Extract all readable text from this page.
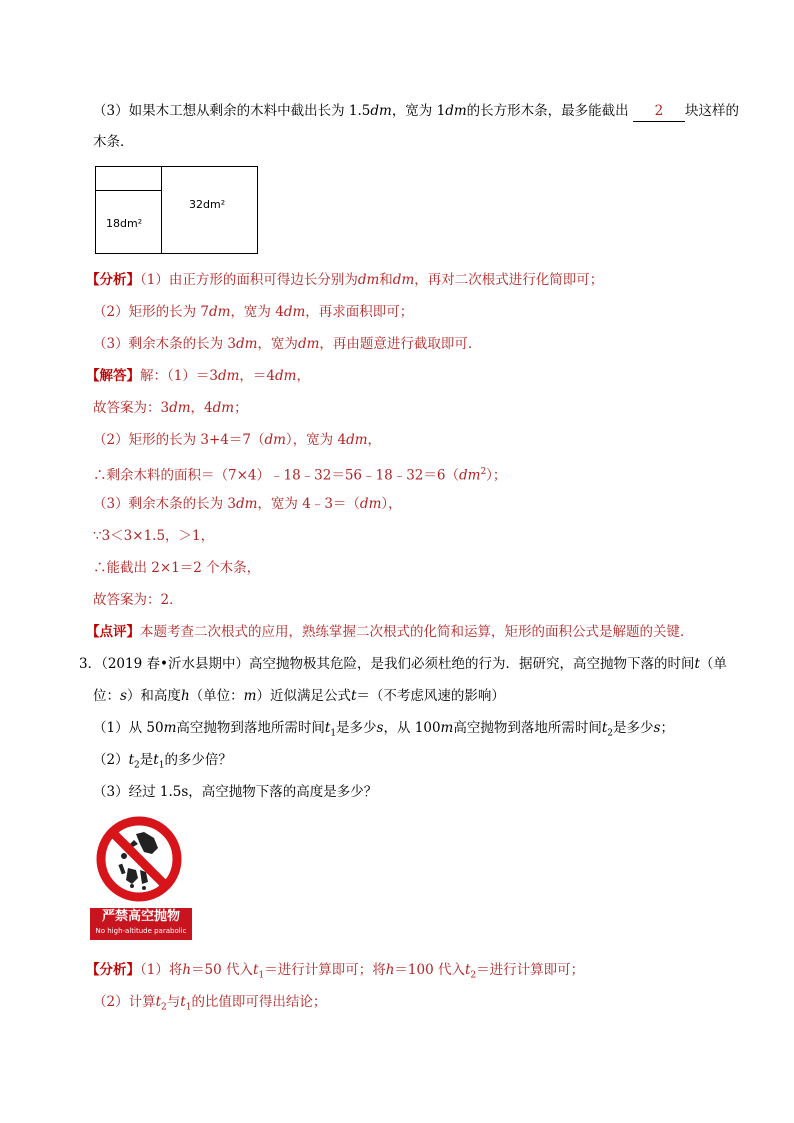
（3）如果木工想从剩余的木料中截出长为 1.5dm，宽为 1dm的长方形木条，最多能截出 2 块这样的
木条．
18dm²
32dm²
【分析】（1）由正方形的面积可得边长分别为dm和dm，再对二次根式进行化简即可；
（2）矩形的长为 7dm，宽为 4dm，再求面积即可；
（3）剩余木条的长为 3dm，宽为dm，再由题意进行截取即可．
【解答】解：（1）＝3dm，＝4dm，
故答案为：3dm，4dm；
（2）矩形的长为 3+4＝7（dm），宽为 4dm，
∴剩余木料的面积$=(7\times 4)﹣18﹣32=56﹣18﹣32=6(dm^2)$；
（3）剩余木条的长为 3dm，宽为 4﹣3＝（dm），
∵3＜3×1.5，＞1，
∴能截出 2×1＝2 个木条，
故答案为：2．
【点评】本题考查二次根式的应用，熟练掌握二次根式的化简和运算，矩形的面积公式是解题的关键．
3．（2019 春•沂水县期中）高空抛物极其危险，是我们必须杜绝的行为．据研究，高空抛物下落的时间t（单
位：s）和高度h（单位：m）近似满足公式t＝（不考虑风速的影响）
（1）从 50m高空抛物到落地所需时间$t_1$是多少s，从 100m高空抛物到落地所需时间$t_2$是多少s；
$(2)t_2$是$t_1$的多少倍？
（3）经过 1.5s，高空抛物下落的高度是多少？
严禁高空抛物
No high-altitude parabolic
【分析】（1）将h＝50 代入$t_1=$进行计算即可；将h＝100 代入$t_2=$进行计算即可；
（2）计算$t_2$与$t_1$的比值即可得出结论；
